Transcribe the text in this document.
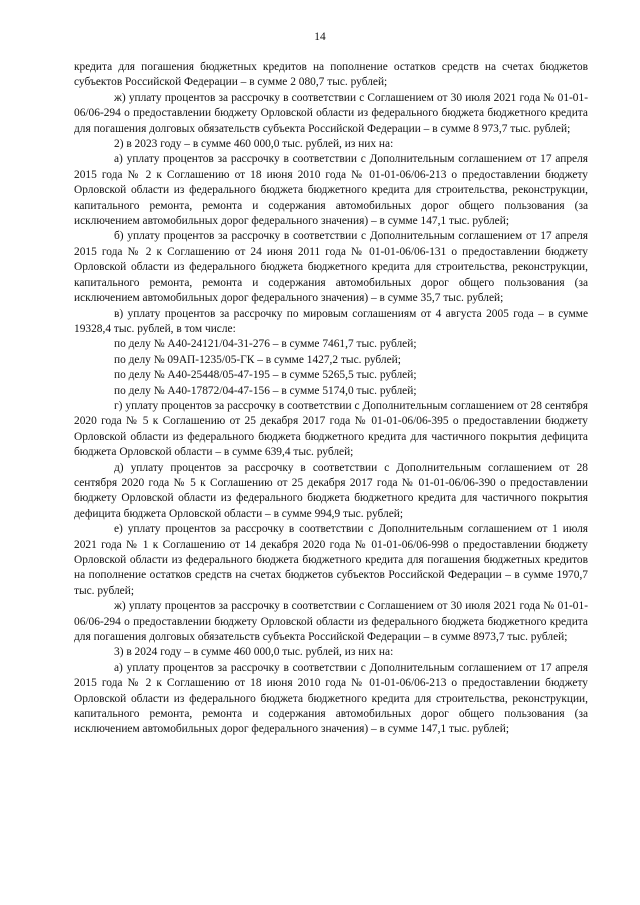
14

кредита для погашения бюджетных кредитов на пополнение остатков средств на счетах бюджетов субъектов Российской Федерации – в сумме 2 080,7 тыс. рублей;

ж) уплату процентов за рассрочку в соответствии с Соглашением от 30 июля 2021 года № 01-01-06/06-294 о предоставлении бюджету Орловской области из федерального бюджета бюджетного кредита для погашения долговых обязательств субъекта Российской Федерации – в сумме 8 973,7 тыс. рублей;

2) в 2023 году – в сумме 460 000,0 тыс. рублей, из них на:

а) уплату процентов за рассрочку в соответствии с Дополнительным соглашением от 17 апреля 2015 года № 2 к Соглашению от 18 июня 2010 года № 01-01-06/06-213 о предоставлении бюджету Орловской области из федерального бюджета бюджетного кредита для строительства, реконструкции, капитального ремонта, ремонта и содержания автомобильных дорог общего пользования (за исключением автомобильных дорог федерального значения) – в сумме 147,1 тыс. рублей;

б) уплату процентов за рассрочку в соответствии с Дополнительным соглашением от 17 апреля 2015 года № 2 к Соглашению от 24 июня 2011 года № 01-01-06/06-131 о предоставлении бюджету Орловской области из федерального бюджета бюджетного кредита для строительства, реконструкции, капитального ремонта, ремонта и содержания автомобильных дорог общего пользования (за исключением автомобильных дорог федерального значения) – в сумме 35,7 тыс. рублей;

в) уплату процентов за рассрочку по мировым соглашениям от 4 августа 2005 года – в сумме 19328,4 тыс. рублей, в том числе:

по делу № А40-24121/04-31-276 – в сумме 7461,7 тыс. рублей;

по делу № 09АП-1235/05-ГК – в сумме 1427,2 тыс. рублей;

по делу № А40-25448/05-47-195 – в сумме 5265,5 тыс. рублей;

по делу № А40-17872/04-47-156 – в сумме 5174,0 тыс. рублей;

г) уплату процентов за рассрочку в соответствии с Дополнительным соглашением от 28 сентября 2020 года № 5 к Соглашению от 25 декабря 2017 года № 01-01-06/06-395 о предоставлении бюджету Орловской области из федерального бюджета бюджетного кредита для частичного покрытия дефицита бюджета Орловской области – в сумме 639,4 тыс. рублей;

д) уплату процентов за рассрочку в соответствии с Дополнительным соглашением от 28 сентября 2020 года № 5 к Соглашению от 25 декабря 2017 года № 01-01-06/06-390 о предоставлении бюджету Орловской области из федерального бюджета бюджетного кредита для частичного покрытия дефицита бюджета Орловской области – в сумме 994,9 тыс. рублей;

е) уплату процентов за рассрочку в соответствии с Дополнительным соглашением от 1 июля 2021 года № 1 к Соглашению от 14 декабря 2020 года № 01-01-06/06-998 о предоставлении бюджету Орловской области из федерального бюджета бюджетного кредита для погашения бюджетных кредитов на пополнение остатков средств на счетах бюджетов субъектов Российской Федерации – в сумме 1970,7 тыс. рублей;

ж) уплату процентов за рассрочку в соответствии с Соглашением от 30 июля 2021 года № 01-01-06/06-294 о предоставлении бюджету Орловской области из федерального бюджета бюджетного кредита для погашения долговых обязательств субъекта Российской Федерации – в сумме 8973,7 тыс. рублей;

3) в 2024 году – в сумме 460 000,0 тыс. рублей, из них на:

а) уплату процентов за рассрочку в соответствии с Дополнительным соглашением от 17 апреля 2015 года № 2 к Соглашению от 18 июня 2010 года № 01-01-06/06-213 о предоставлении бюджету Орловской области из федерального бюджета бюджетного кредита для строительства, реконструкции, капитального ремонта, ремонта и содержания автомобильных дорог общего пользования (за исключением автомобильных дорог федерального значения) – в сумме 147,1 тыс. рублей;
